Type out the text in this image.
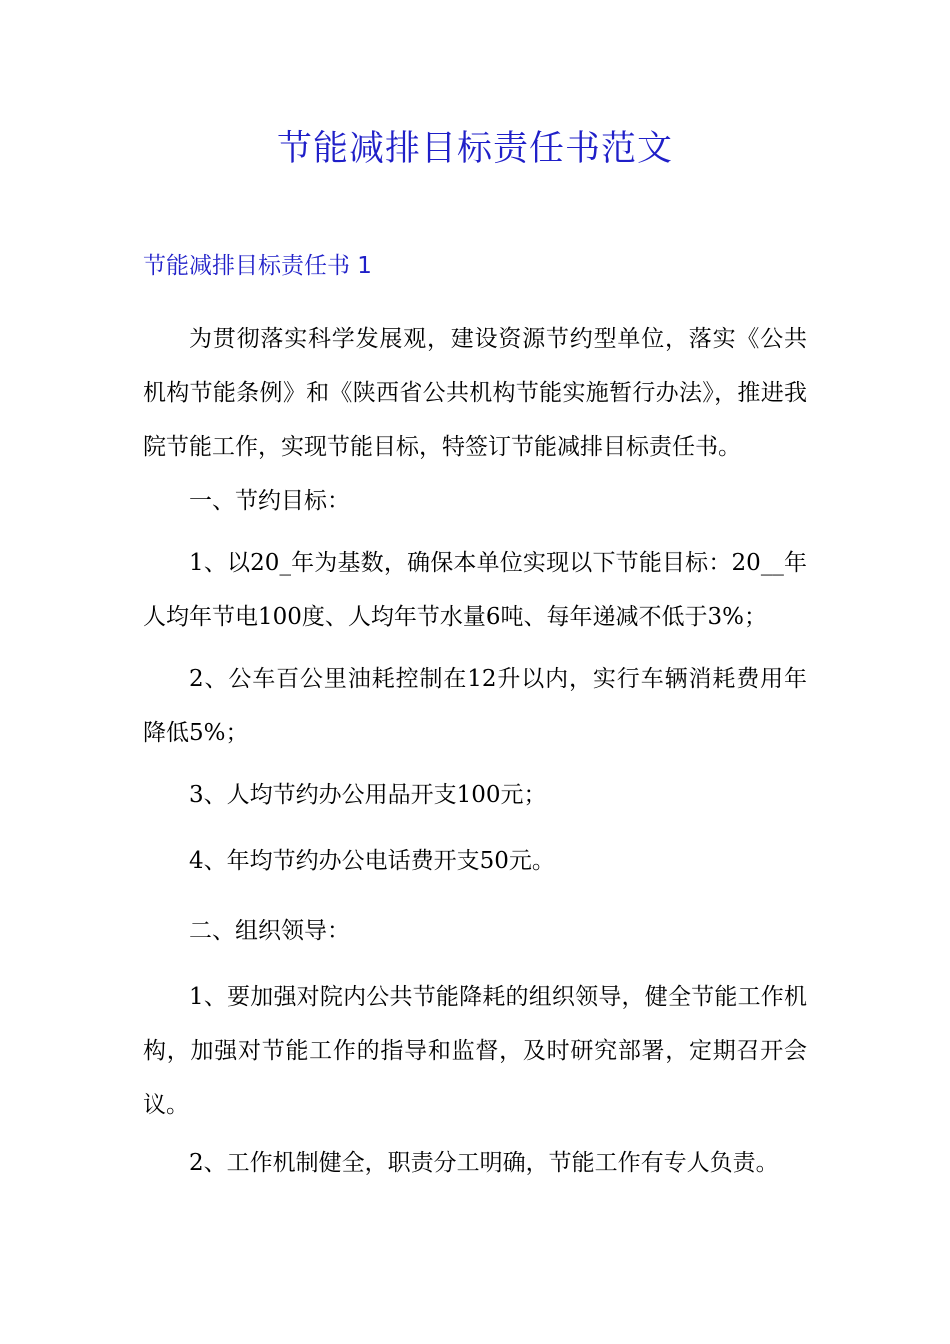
节能减排目标责任书范文
节能减排目标责任书 1

为贯彻落实科学发展观，建设资源节约型单位，落实《公共机构节能条例》和《陕西省公共机构节能实施暂行办法》，推进我院节能工作，实现节能目标，特签订节能减排目标责任书。

一、节约目标：

1、以20_年为基数，确保本单位实现以下节能目标：20__年人均年节电100度、人均年节水量6吨、每年递减不低于3%；

2、公车百公里油耗控制在12升以内，实行车辆消耗费用年降低5%；

3、人均节约办公用品开支100元；

4、年均节约办公电话费开支50元。

二、组织领导：

1、要加强对院内公共节能降耗的组织领导，健全节能工作机构，加强对节能工作的指导和监督，及时研究部署，定期召开会议。

2、工作机制健全，职责分工明确，节能工作有专人负责。
